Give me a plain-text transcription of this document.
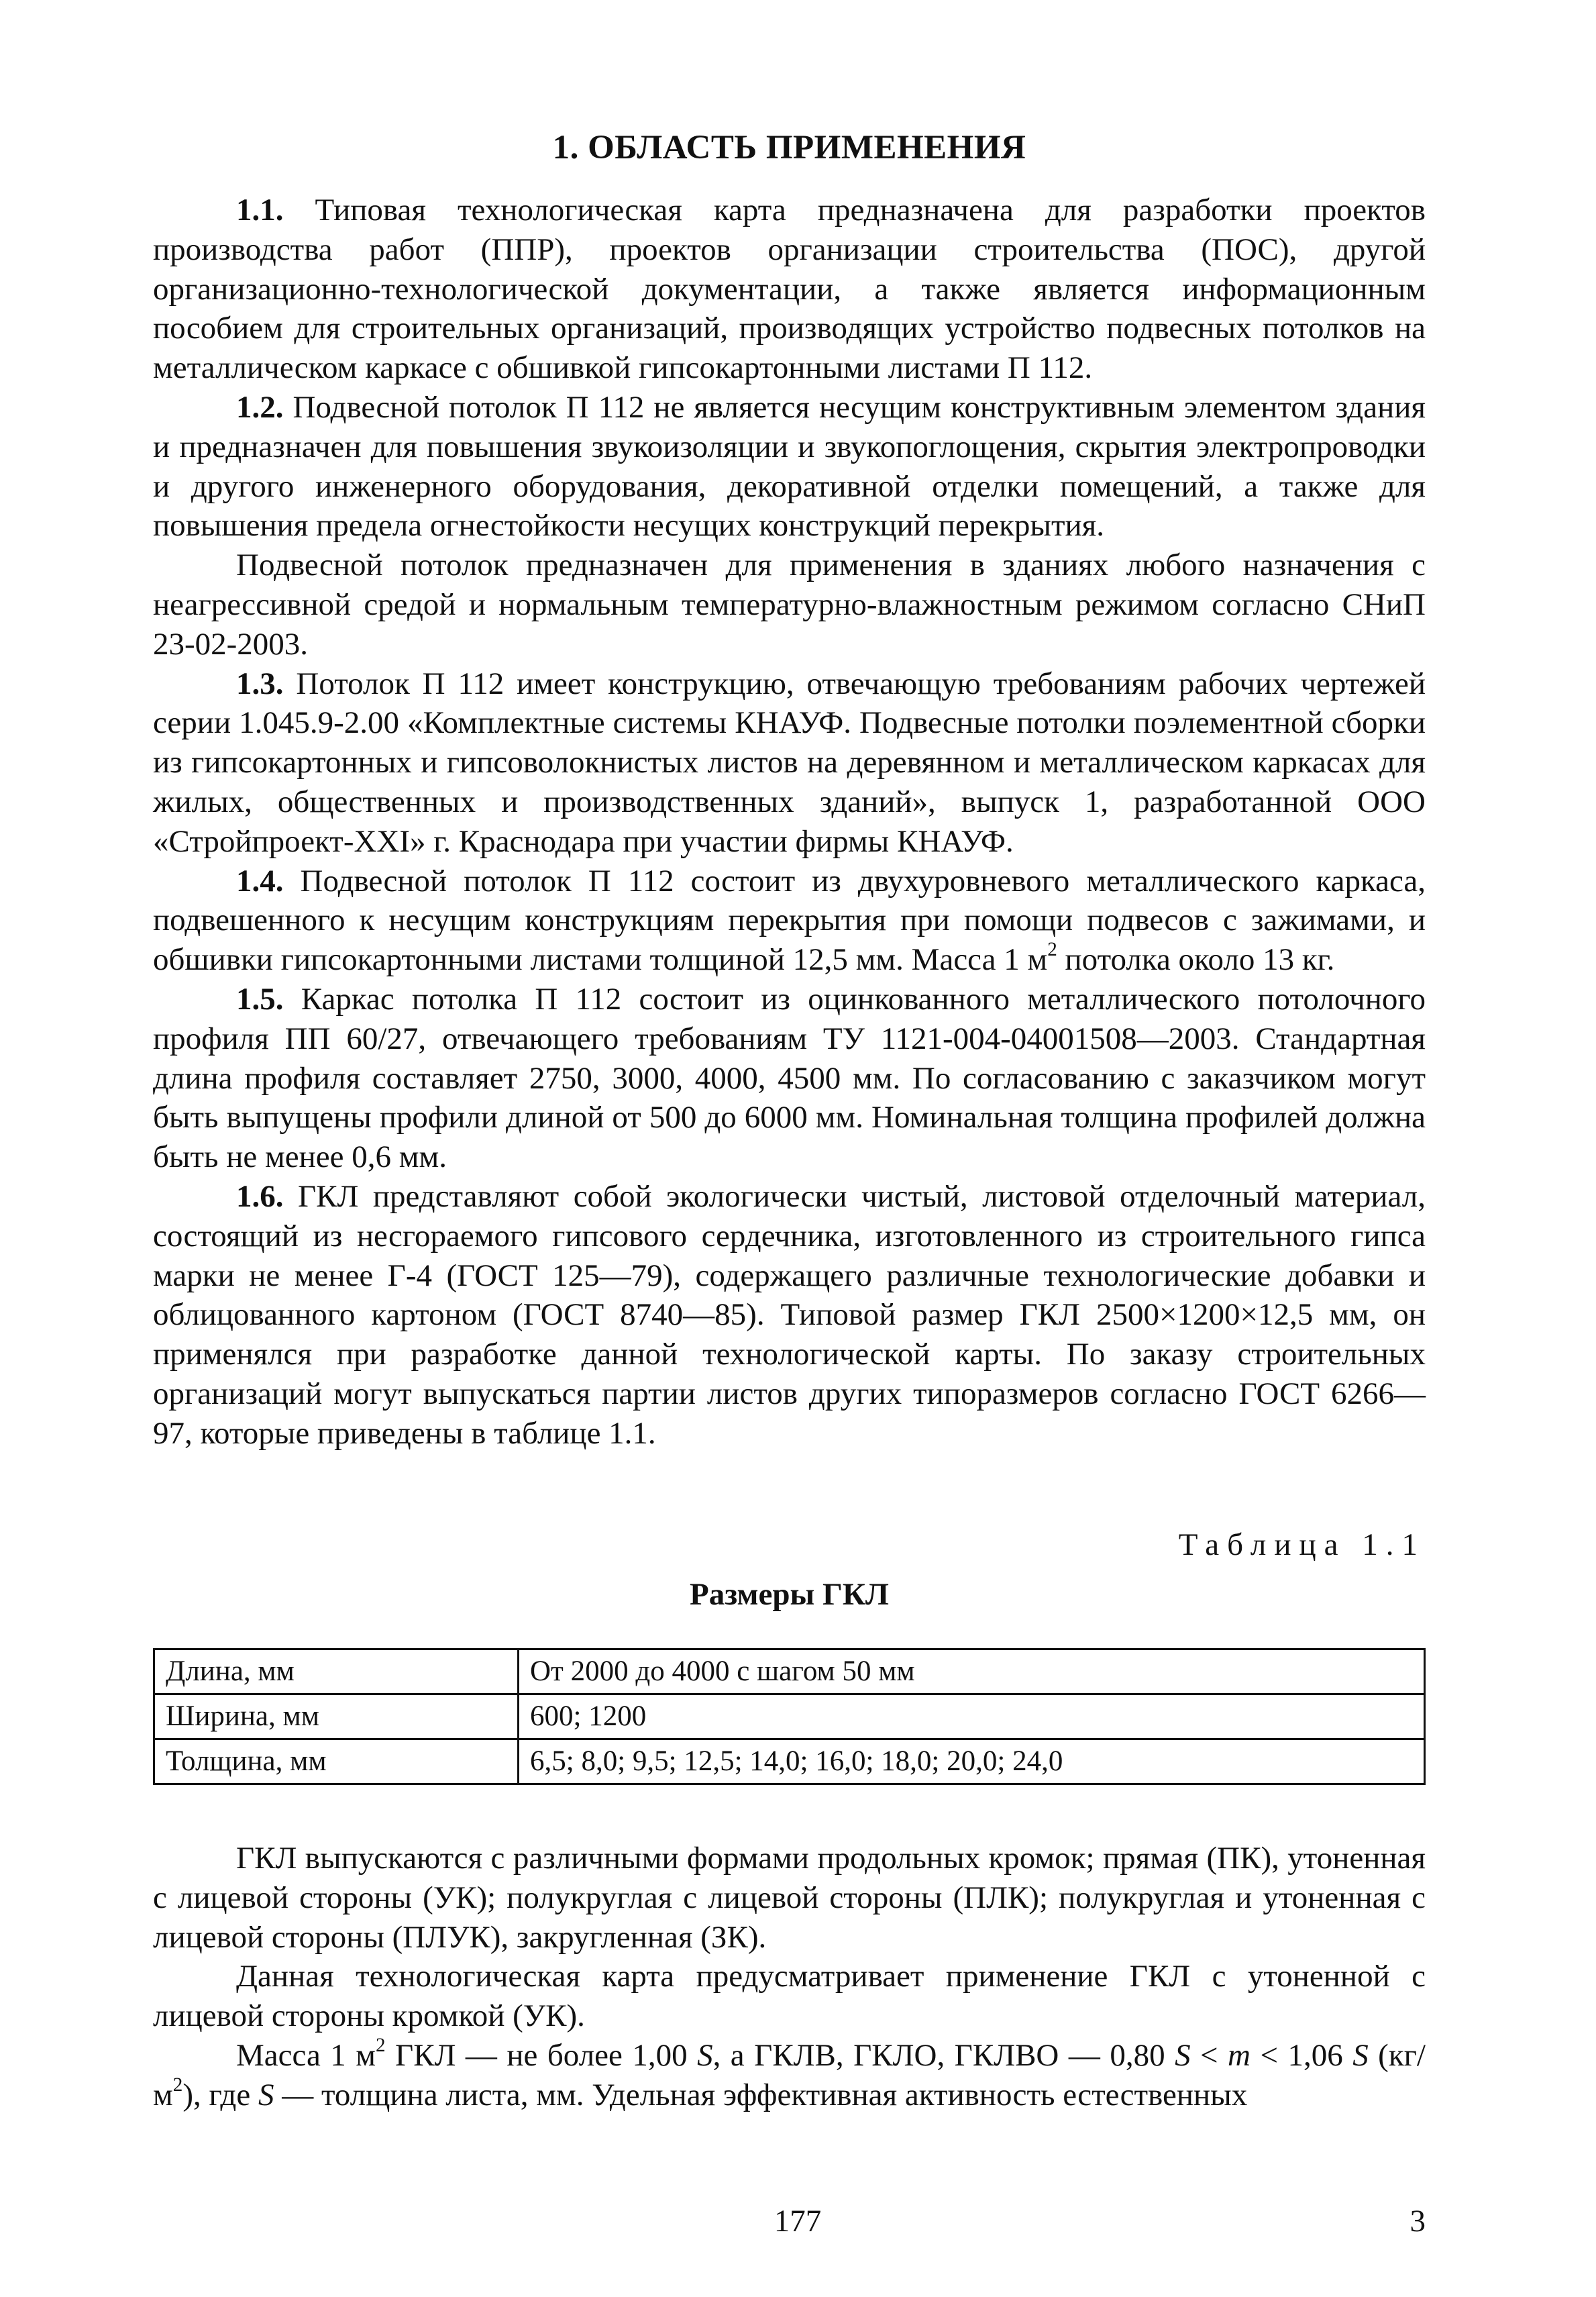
1. ОБЛАСТЬ ПРИМЕНЕНИЯ

1.1. Типовая технологическая карта предназначена для разработки проектов производства работ (ППР), проектов организации строительства (ПОС), другой организационно-технологической документации, а также является информационным пособием для строительных организаций, производящих устройство подвесных потолков на металлическом каркасе с обшивкой гипсокартонными листами П 112.

1.2. Подвесной потолок П 112 не является несущим конструктивным элементом здания и предназначен для повышения звукоизоляции и звукопоглощения, скрытия электропроводки и другого инженерного оборудования, декоративной отделки помещений, а также для повышения предела огнестойкости несущих конструкций перекрытия.

Подвесной потолок предназначен для применения в зданиях любого назначения с неагрессивной средой и нормальным температурно-влажностным режимом согласно СНиП 23-02-2003.

1.3. Потолок П 112 имеет конструкцию, отвечающую требованиям рабочих чертежей серии 1.045.9-2.00 «Комплектные системы КНАУФ. Подвесные потолки поэлементной сборки из гипсокартонных и гипсоволокнистых листов на деревянном и металлическом каркасах для жилых, общественных и производственных зданий», выпуск 1, разработанной ООО «Стройпроект-XXI» г. Краснодара при участии фирмы КНАУФ.

1.4. Подвесной потолок П 112 состоит из двухуровневого металлического каркаса, подвешенного к несущим конструкциям перекрытия при помощи подвесов с зажимами, и обшивки гипсокартонными листами толщиной 12,5 мм. Масса 1 $м^2$ потолка около 13 кг.

1.5. Каркас потолка П 112 состоит из оцинкованного металлического потолочного профиля ПП 60/27, отвечающего требованиям ТУ 1121-004-04001508—2003. Стандартная длина профиля составляет 2750, 3000, 4000, 4500 мм. По согласованию с заказчиком могут быть выпущены профили длиной от 500 до 6000 мм. Номинальная толщина профилей должна быть не менее 0,6 мм.

1.6. ГКЛ представляют собой экологически чистый, листовой отделочный материал, состоящий из несгораемого гипсового сердечника, изготовленного из строительного гипса марки не менее Г-4 (ГОСТ 125—79), содержащего различные технологические добавки и облицованного картоном (ГОСТ 8740—85). Типовой размер ГКЛ 2500×1200×12,5 мм, он применялся при разработке данной технологической карты. По заказу строительных организаций могут выпускаться партии листов других типоразмеров согласно ГОСТ 6266—97, которые приведены в таблице 1.1.

Таблица 1.1
Размеры ГКЛ
Длина, мм	От 2000 до 4000 с шагом 50 мм
Ширина, мм	600; 1200
Толщина, мм	6,5; 8,0; 9,5; 12,5; 14,0; 16,0; 18,0; 20,0; 24,0

ГКЛ выпускаются с различными формами продольных кромок; прямая (ПК), утоненная с лицевой стороны (УК); полукруглая с лицевой стороны (ПЛК); полукруглая и утоненная с лицевой стороны (ПЛУК), закругленная (ЗК).

Данная технологическая карта предусматривает применение ГКЛ с утоненной с лицевой стороны кромкой (УК).

Масса 1 $м^2$ ГКЛ — не более 1,00 S, а ГКЛВ, ГКЛО, ГКЛВО — 0,80 S < m < 1,06 S $(кг/м^2)$, где S — толщина листа, мм. Удельная эффективная активность естественных

177	3
